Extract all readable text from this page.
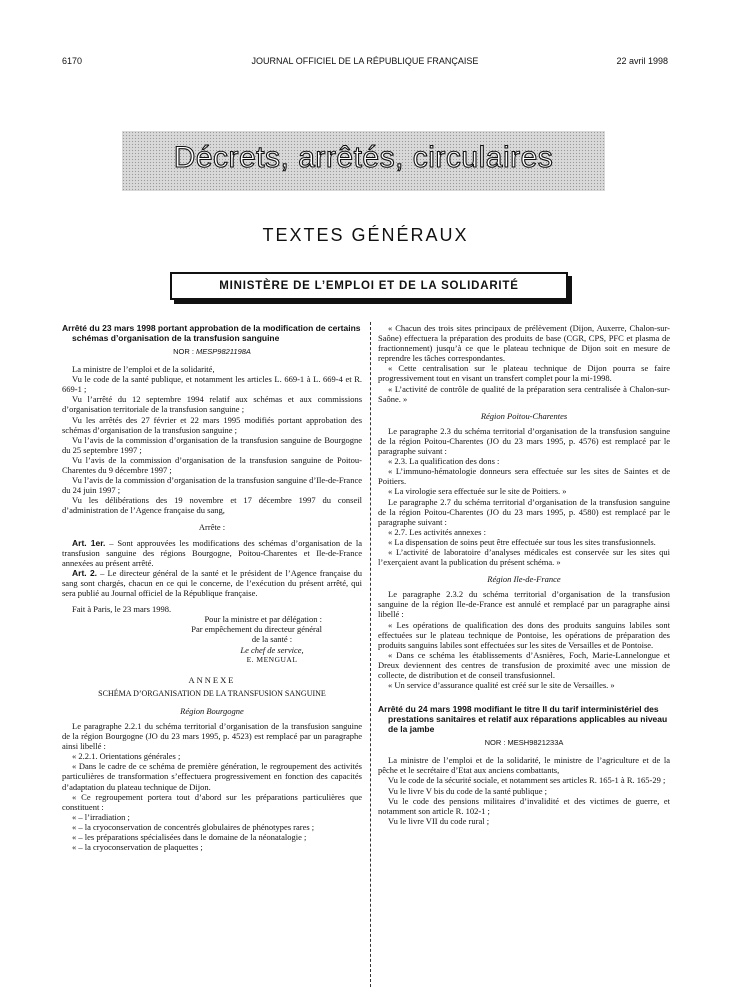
6170	JOURNAL OFFICIEL DE LA RÉPUBLIQUE FRANÇAISE	22 avril 1998
Décrets, arrêtés, circulaires
TEXTES GÉNÉRAUX
MINISTÈRE DE L’EMPLOI ET DE LA SOLIDARITÉ

Arrêté du 23 mars 1998 portant approbation de la modification de certains schémas d’organisation de la transfusion sanguine

NOR : MESP9821198A

La ministre de l’emploi et de la solidarité,

Vu le code de la santé publique, et notamment les articles L. 669-1 à L. 669-4 et R. 669-1 ;

Vu l’arrêté du 12 septembre 1994 relatif aux schémas et aux commissions d’organisation territoriale de la transfusion sanguine ;

Vu les arrêtés des 27 février et 22 mars 1995 modifiés portant approbation des schémas d’organisation de la transfusion sanguine ;

Vu l’avis de la commission d’organisation de la transfusion sanguine de Bourgogne du 25 septembre 1997 ;

Vu l’avis de la commission d’organisation de la transfusion sanguine de Poitou-Charentes du 9 décembre 1997 ;

Vu l’avis de la commission d’organisation de la transfusion sanguine d’Ile-de-France du 24 juin 1997 ;

Vu les délibérations des 19 novembre et 17 décembre 1997 du conseil d’administration de l’Agence française du sang,

Arrête :

Art. 1er. – Sont approuvées les modifications des schémas d’organisation de la transfusion sanguine des régions Bourgogne, Poitou-Charentes et Ile-de-France annexées au présent arrêté.

Art. 2. – Le directeur général de la santé et le président de l’Agence française du sang sont chargés, chacun en ce qui le concerne, de l’exécution du présent arrêté, qui sera publié au Journal officiel de la République française.

Fait à Paris, le 23 mars 1998.

Pour la ministre et par délégation :

Par empêchement du directeur général

de la santé :

Le chef de service,

E. MENGUAL

ANNEXE

SCHÉMA D’ORGANISATION DE LA TRANSFUSION SANGUINE

Région Bourgogne

Le paragraphe 2.2.1 du schéma territorial d’organisation de la transfusion sanguine de la région Bourgogne (JO du 23 mars 1995, p. 4523) est remplacé par un paragraphe ainsi libellé :

« 2.2.1. Orientations générales ;

« Dans le cadre de ce schéma de première génération, le regroupement des activités particulières de transformation s’effectuera progressivement en fonction des capacités d’adaptation du plateau technique de Dijon.

« Ce regroupement portera tout d’abord sur les préparations particulières que constituent :

« – l’irradiation ;
« – la cryoconservation de concentrés globulaires de phénotypes rares ;
« – les préparations spécialisées dans le domaine de la néonatalogie ;
« – la cryoconservation de plaquettes ;

« Chacun des trois sites principaux de prélèvement (Dijon, Auxerre, Chalon-sur-Saône) effectuera la préparation des produits de base (CGR, CPS, PFC et plasma de fractionnement) jusqu’à ce que le plateau technique de Dijon soit en mesure de reprendre les tâches correspondantes.

« Cette centralisation sur le plateau technique de Dijon pourra se faire progressivement tout en visant un transfert complet pour la mi-1998.

« L’activité de contrôle de qualité de la préparation sera centralisée à Chalon-sur-Saône. »

Région Poitou-Charentes

Le paragraphe 2.3 du schéma territorial d’organisation de la transfusion sanguine de la région Poitou-Charentes (JO du 23 mars 1995, p. 4576) est remplacé par le paragraphe suivant :

« 2.3. La qualification des dons :

« L’immuno-hématologie donneurs sera effectuée sur les sites de Saintes et de Poitiers.

« La virologie sera effectuée sur le site de Poitiers. »

Le paragraphe 2.7 du schéma territorial d’organisation de la transfusion sanguine de la région Poitou-Charentes (JO du 23 mars 1995, p. 4580) est remplacé par le paragraphe suivant :

« 2.7. Les activités annexes :

« La dispensation de soins peut être effectuée sur tous les sites transfusionnels.

« L’activité de laboratoire d’analyses médicales est conservée sur les sites qui l’exerçaient avant la publication du présent schéma. »

Région Ile-de-France

Le paragraphe 2.3.2 du schéma territorial d’organisation de la transfusion sanguine de la région Ile-de-France est annulé et remplacé par un paragraphe ainsi libellé :

« Les opérations de qualification des dons des produits sanguins labiles sont effectuées sur le plateau technique de Pontoise, les opérations de préparation des produits sanguins labiles sont effectuées sur les sites de Versailles et de Pontoise.

« Dans ce schéma les établissements d’Asnières, Foch, Marie-Lannelongue et Dreux deviennent des centres de transfusion de proximité avec une mission de collecte, de distribution et de conseil transfusionnel.

« Un service d’assurance qualité est créé sur le site de Versailles. »

Arrêté du 24 mars 1998 modifiant le titre II du tarif interministériel des prestations sanitaires et relatif aux réparations applicables au niveau de la jambe

NOR : MESH9821233A

La ministre de l’emploi et de la solidarité, le ministre de l’agriculture et de la pêche et le secrétaire d’Etat aux anciens combattants,

Vu le code de la sécurité sociale, et notamment ses articles R. 165-1 à R. 165-29 ;

Vu le livre V bis du code de la santé publique ;

Vu le code des pensions militaires d’invalidité et des victimes de guerre, et notamment son article R. 102-1 ;

Vu le livre VII du code rural ;
